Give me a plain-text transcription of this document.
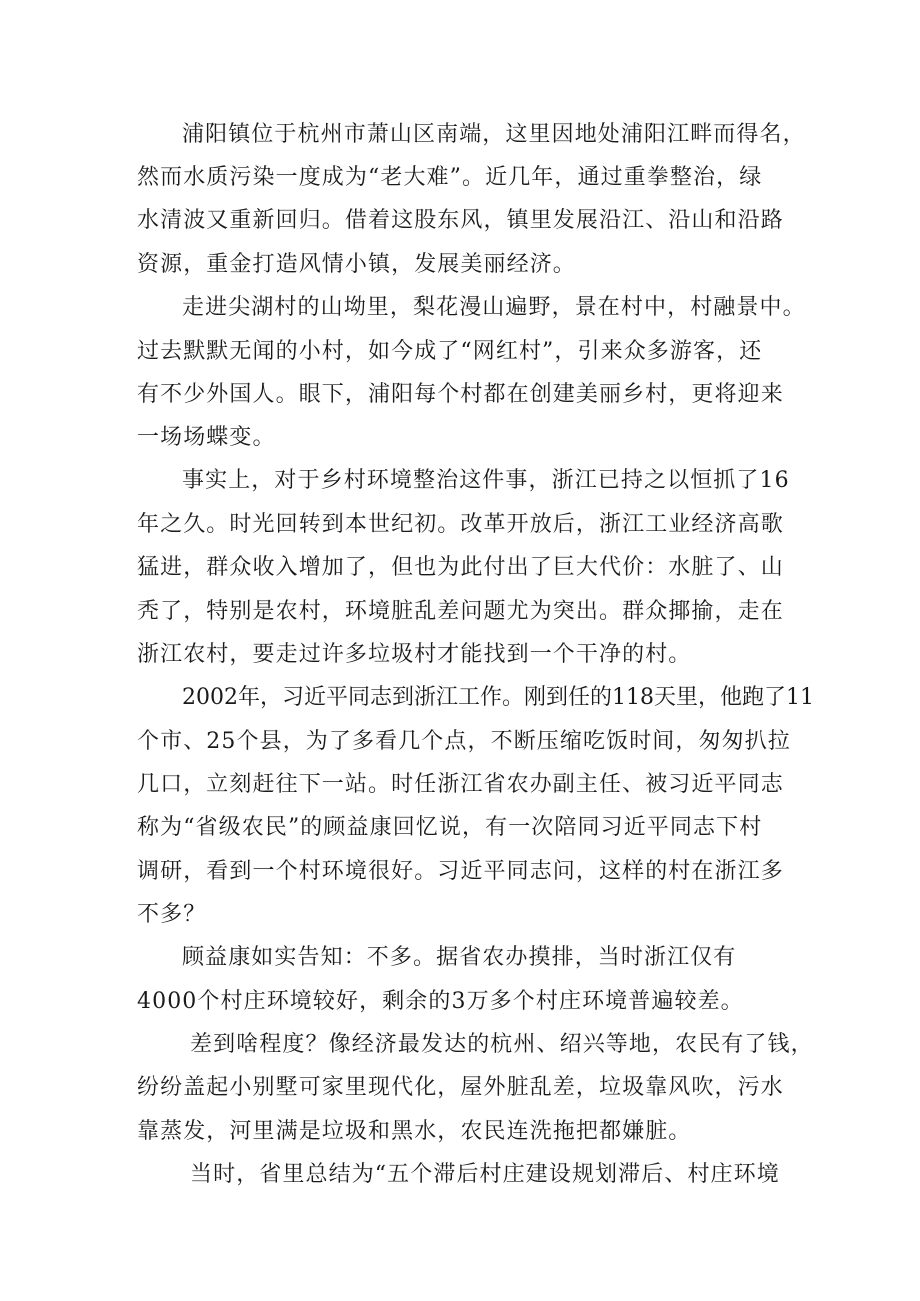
浦阳镇位于杭州市萧山区南端，这里因地处浦阳江畔而得名，
然而水质污染一度成为“老大难”。近几年，通过重拳整治，绿
水清波又重新回归。借着这股东风，镇里发展沿江、沿山和沿路
资源，重金打造风情小镇，发展美丽经济。
走进尖湖村的山坳里，梨花漫山遍野，景在村中，村融景中。
过去默默无闻的小村，如今成了“网红村”，引来众多游客，还
有不少外国人。眼下，浦阳每个村都在创建美丽乡村，更将迎来
一场场蝶变。
事实上，对于乡村环境整治这件事，浙江已持之以恒抓了16
年之久。时光回转到本世纪初。改革开放后，浙江工业经济高歌
猛进，群众收入增加了，但也为此付出了巨大代价：水脏了、山
秃了，特别是农村，环境脏乱差问题尤为突出。群众揶揄，走在
浙江农村，要走过许多垃圾村才能找到一个干净的村。
2002年，习近平同志到浙江工作。刚到任的118天里，他跑了11
个市、25个县，为了多看几个点，不断压缩吃饭时间，匆匆扒拉
几口，立刻赶往下一站。时任浙江省农办副主任、被习近平同志
称为“省级农民”的顾益康回忆说，有一次陪同习近平同志下村
调研，看到一个村环境很好。习近平同志问，这样的村在浙江多
不多？
顾益康如实告知：不多。据省农办摸排，当时浙江仅有
4000个村庄环境较好，剩余的3万多个村庄环境普遍较差。
差到啥程度？像经济最发达的杭州、绍兴等地，农民有了钱，
纷纷盖起小别墅可家里现代化，屋外脏乱差，垃圾靠风吹，污水
靠蒸发，河里满是垃圾和黑水，农民连洗拖把都嫌脏。
当时，省里总结为“五个滞后村庄建设规划滞后、村庄环境
